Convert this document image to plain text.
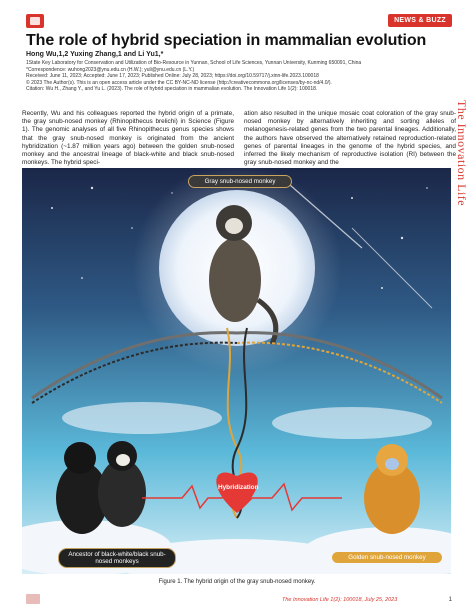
NEWS & BUZZ
The role of hybrid speciation in mammalian evolution
Hong Wu,1,2 Yuxing Zhang,1 and Li Yu1,*
1State Key Laboratory for Conservation and Utilization of Bio-Resource in Yunnan, School of Life Sciences, Yunnan University, Kunming 650091, China
*Correspondence: wuhong2023@ynu.edu.cn (H.W.); yuli@ynu.edu.cn (L.Y.)
Received: June 11, 2023; Accepted: June 17, 2023; Published Online: July 28, 2023; https://doi.org/10.59717/j.xinn-life.2023.100018
© 2023 The Author(s). This is an open access article under the CC BY-NC-ND license (http://creativecommons.org/licenses/by-nc-nd/4.0/).
Citation: Wu H., Zhang Y., and Yu L. (2023). The role of hybrid speciation in mammalian evolution. The Innovation Life 1(2): 100018.
The Innovation Life
Recently, Wu and his colleagues reported the hybrid origin of a primate, the gray snub-nosed monkey (Rhinopithecus brelichi) in Science (Figure 1). The genomic analyses of all five Rhinopithecus genus species shows that the gray snub-nosed monkey is originated from the ancient hybridization (~1.87 million years ago) between the golden snub-nosed monkey and the ancestral lineage of black-white and black snub-nosed monkeys. The hybrid speci-
ation also resulted in the unique mosaic coat coloration of the gray snub-nosed monkey by alternatively inheriting and sorting alleles of melanogenesis-related genes from the two parental lineages. Additionally, the authors have observed the alternatively retained reproduction-related genes of parental lineages in the genome of the hybrid species, and inferred the likely mechanism of reproductive isolation (RI) between the gray snub-nosed monkey and the
Gray snub-nosed monkey
Hybridization
Ancestor of black-white/black snub-nosed monkeys
Golden snub-nosed monkey
Figure 1. The hybrid origin of the gray snub-nosed monkey.
The Innovation Life 1(2): 100018, July 25, 2023	1
